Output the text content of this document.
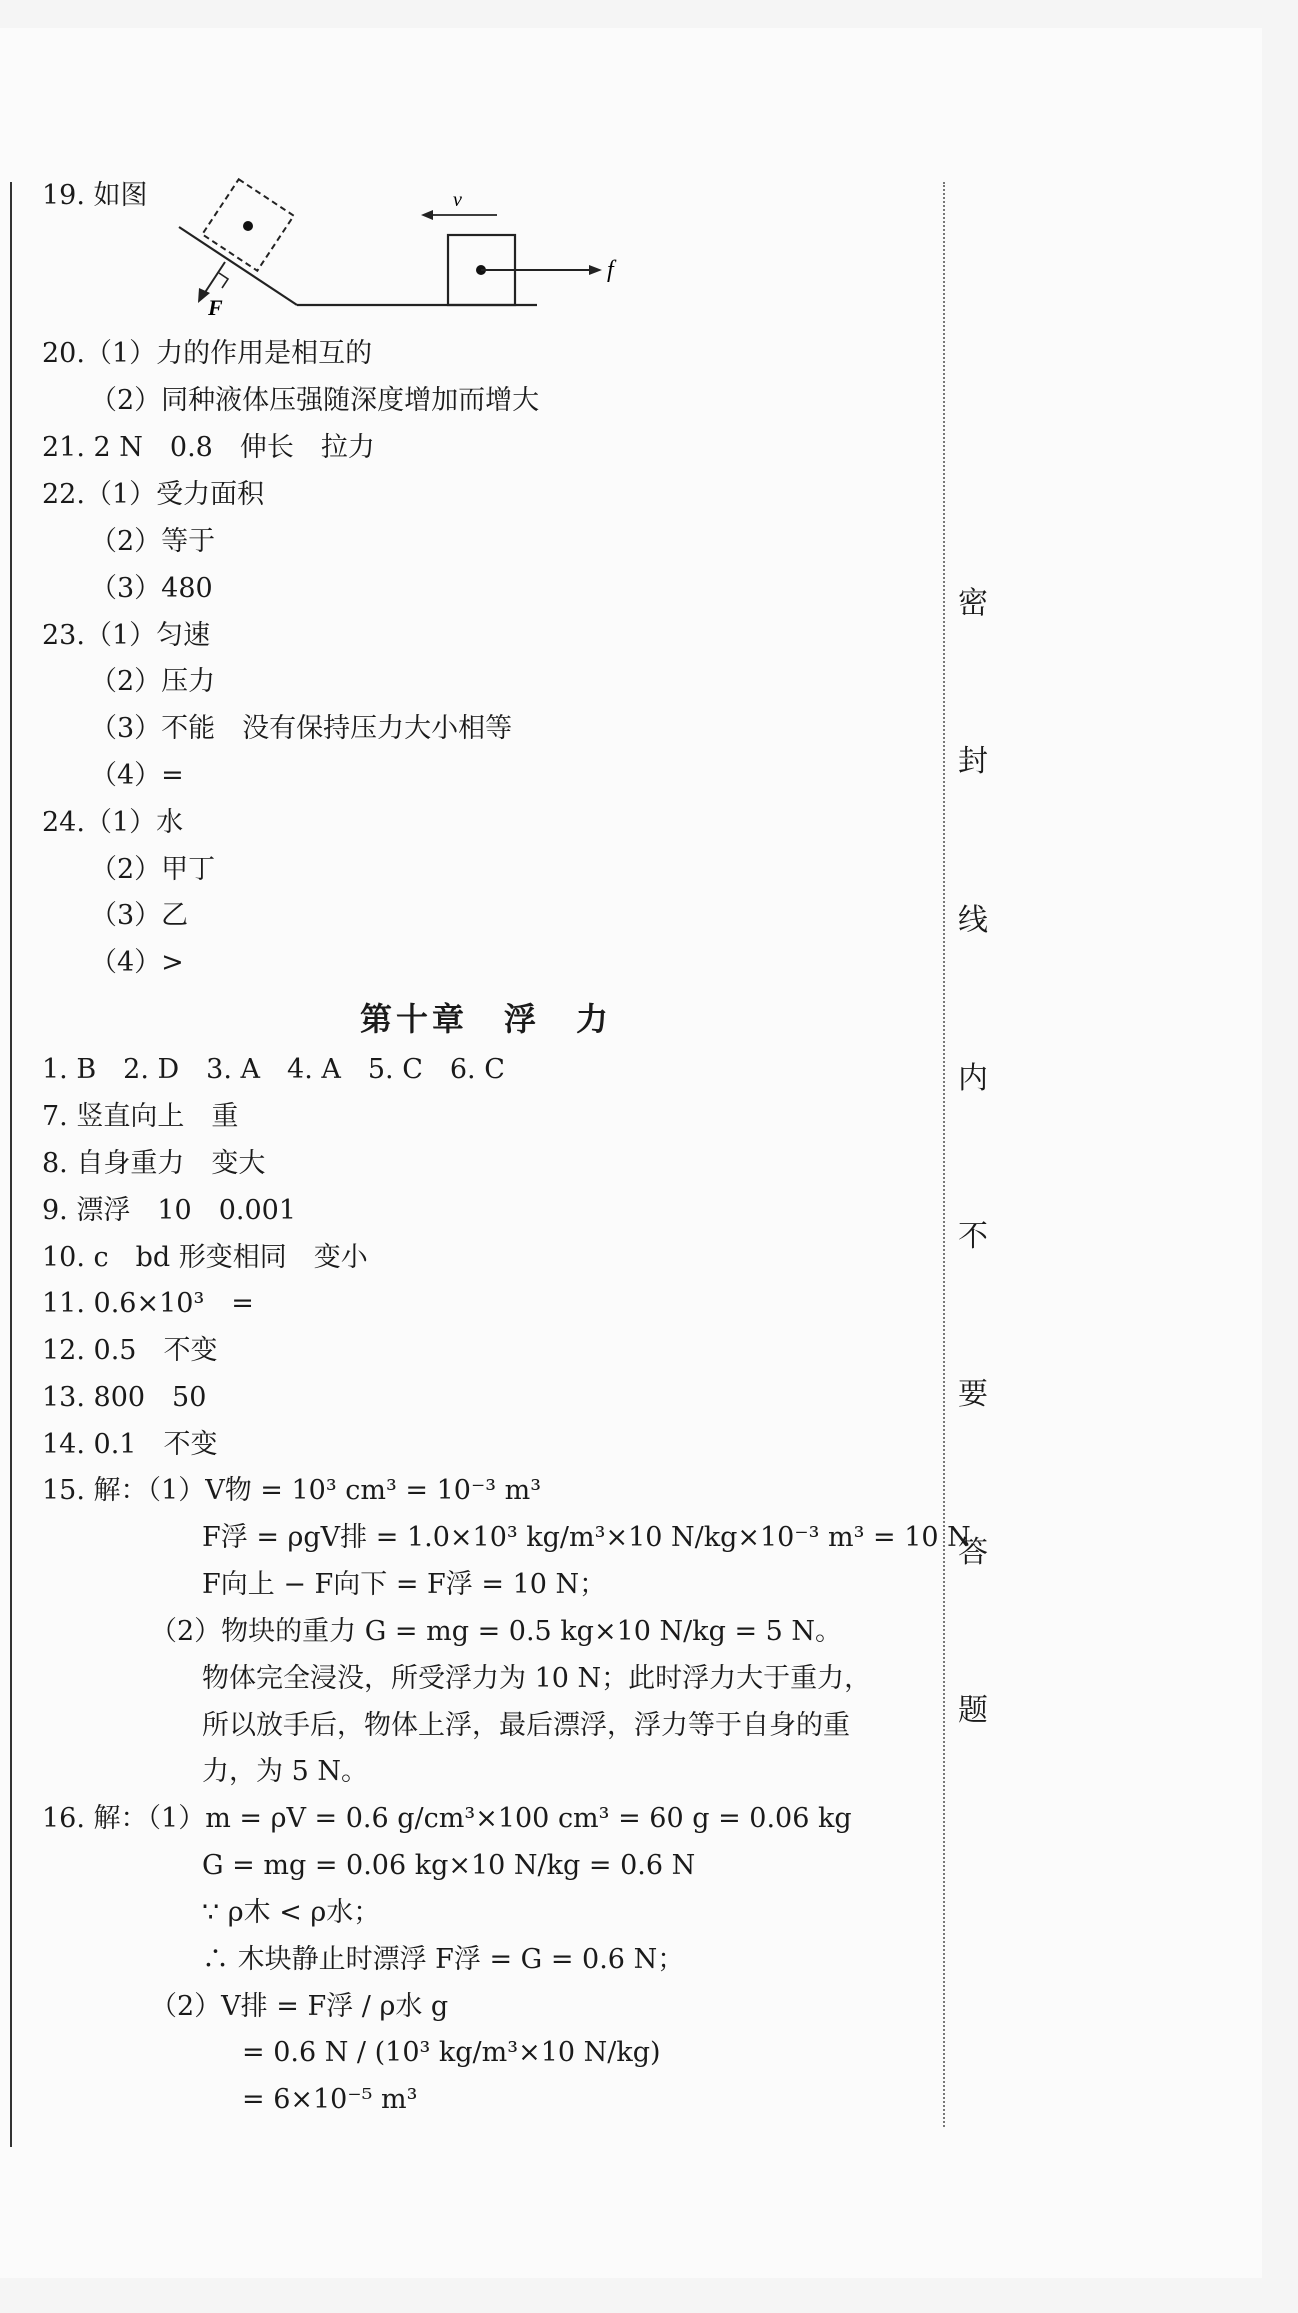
F
f
v
19. 如图
20.（1）力的作用是相互的
（2）同种液体压强随深度增加而增大
21. 2 N　0.8　伸长　拉力
22.（1）受力面积
（2）等于
（3）480
23.（1）匀速
（2）压力
（3）不能　没有保持压力大小相等
（4）=
24.（1）水
（2）甲丁
（3）乙
（4）>
第十章　浮　力
1. B　2. D　3. A　4. A　5. C　6. C
7. 竖直向上　重
8. 自身重力　变大
9. 漂浮　10　0.001
10. c　bd 形变相同　变小
11. 0.6×10³　=
12. 0.5　不变
13. 800　50
14. 0.1　不变
15. 解：（1）V物 = 10³ cm³ = 10⁻³ m³
F浮 = ρgV排 = 1.0×10³ kg/m³×10 N/kg×10⁻³ m³ = 10 N
F向上 − F向下 = F浮 = 10 N；
（2）物块的重力 G = mg = 0.5 kg×10 N/kg = 5 N。
物体完全浸没，所受浮力为 10 N；此时浮力大于重力，
所以放手后，物体上浮，最后漂浮，浮力等于自身的重
力，为 5 N。
16. 解：（1）m = ρV = 0.6 g/cm³×100 cm³ = 60 g = 0.06 kg
G = mg = 0.06 kg×10 N/kg = 0.6 N
∵ ρ木 < ρ水；
∴ 木块静止时漂浮 F浮 = G = 0.6 N；
（2）V排 = F浮 / ρ水 g
= 0.6 N / (10³ kg/m³×10 N/kg)
= 6×10⁻⁵ m³
密
封
线
内
不
要
答
题
